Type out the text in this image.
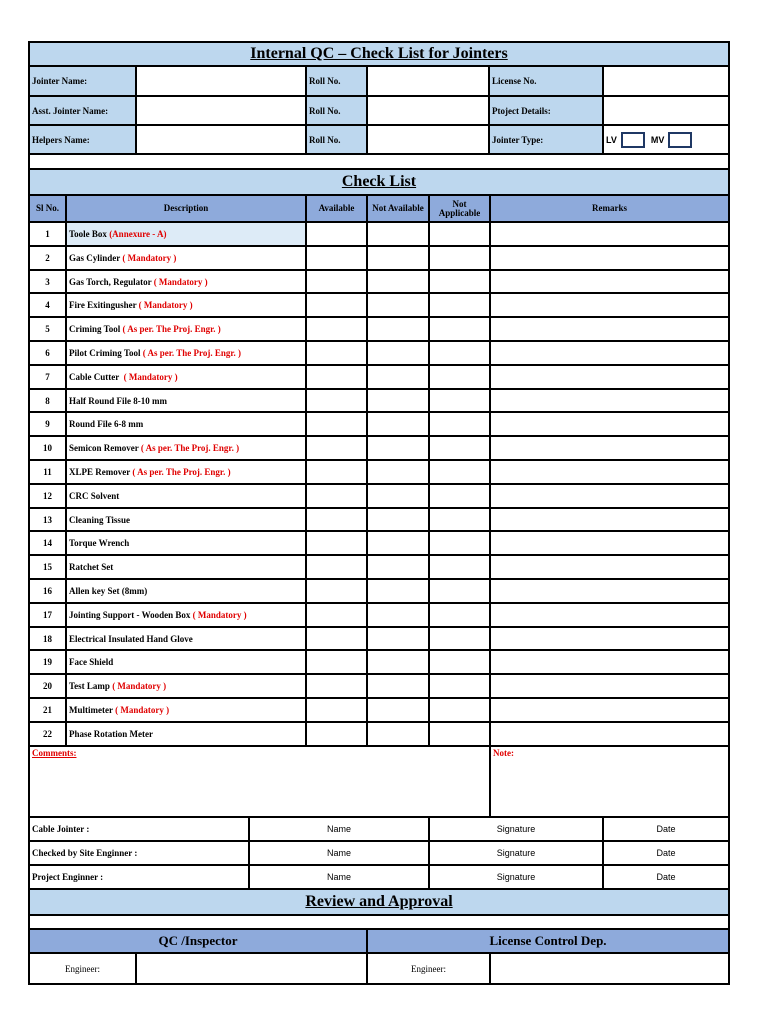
Internal QC – Check List for Jointers
Jointer Name:	Roll No.	License No.
Asst. Jointer Name:	Roll No.	Ptoject Details:
Helpers Name:	Roll No.	Jointer Type:	LV	MV
Check List
Sl No.	Description	Available	Not Available	Not Applicable	Remarks
1	Toole Box (Annexure - A)
2	Gas Cylinder ( Mandatory )
3	Gas Torch, Regulator ( Mandatory )
4	Fire Exitingusher ( Mandatory )
5	Criming Tool ( As per. The Proj. Engr. )
6	Pilot Criming Tool ( As per. The Proj. Engr. )
7	Cable Cutter ( Mandatory )
8	Half Round File 8-10 mm
9	Round File 6-8 mm
10	Semicon Remover ( As per. The Proj. Engr. )
11	XLPE Remover ( As per. The Proj. Engr. )
12	CRC Solvent
13	Cleaning Tissue
14	Torque Wrench
15	Ratchet Set
16	Allen key Set (8mm)
17	Jointing Support - Wooden Box ( Mandatory )
18	Electrical Insulated Hand Glove
19	Face Shield
20	Test Lamp ( Mandatory )
21	Multimeter ( Mandatory )
22	Phase Rotation Meter
Comments:	Note:
Cable Jointer :	Name	Signature	Date
Checked by Site Enginner :	Name	Signature	Date
Project Enginner :	Name	Signature	Date
Review and Approval
QC /Inspector	License Control Dep.
Engineer:	Engineer:
